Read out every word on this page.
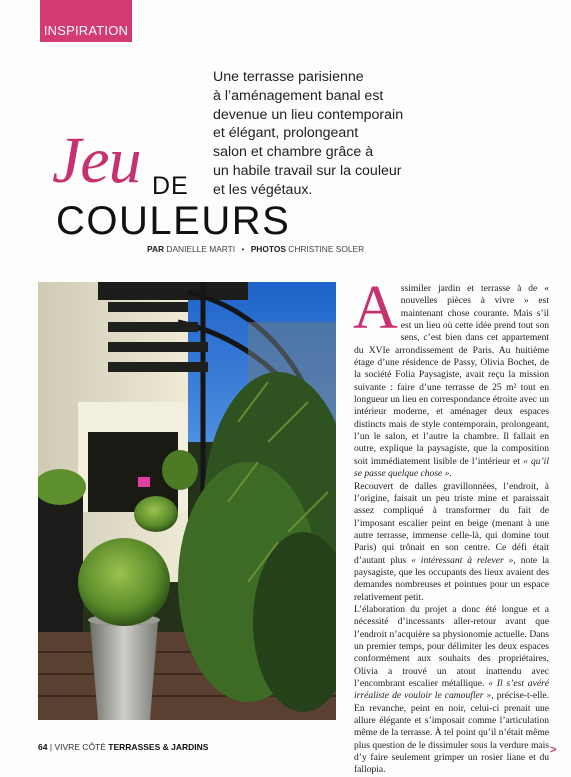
INSPIRATION
Une terrasse parisienne
à l’aménagement banal est
devenue un lieu contemporain
et élégant, prolongeant
salon et chambre grâce à
un habile travail sur la couleur
et les végétaux.
Jeu DE
COULEURS
PAR DANIELLE MARTI • PHOTOS CHRISTINE SOLER

Assimiler jardin et terrasse à de « nouvelles pièces à vivre » est maintenant chose courante. Mais s’il est un lieu où cette idée prend tout son sens, c’est bien dans cet appartement du XVIe arrondissement de Paris. Au huitième étage d’une résidence de Passy, Olivia Bochet, de la société Folia Paysagiste, avait reçu la mission suivante : faire d’une terrasse de 25 m² tout en longueur un lieu en correspondance étroite avec un intérieur moderne, et aménager deux espaces distincts mais de style contemporain, prolongeant, l’un le salon, et l’autre la chambre. Il fallait en outre, explique la paysagiste, que la composition soit immédiatement lisible de l’intérieur et « qu’il se passe quelque chose ».

Recouvert de dalles gravillonnées, l’endroit, à l’origine, faisait un peu triste mine et paraissait assez compliqué à transformer du fait de l’imposant escalier peint en beige (menant à une autre terrasse, immense celle-là, qui domine tout Paris) qui trônait en son centre. Ce défi était d’autant plus « intéressant à relever », note la paysagiste, que les occupants des lieux avaient des demandes nombreuses et pointues pour un espace relativement petit.

L’élaboration du projet a donc été longue et a nécessité d’incessants aller-retour avant que l’endroit n’acquière sa physionomie actuelle. Dans un premier temps, pour délimiter les deux espaces conformément aux souhaits des propriétaires, Olivia a trouvé un atout inattendu avec l’encombrant escalier métallique. « Il s’est avéré irréaliste de vouloir le camoufler », précise-t-elle. En revanche, peint en noir, celui-ci prenait une allure élégante et s’imposait comme l’articulation même de la terrasse. À tel point qu’il n’était même plus question de le dissimuler sous la verdure mais d’y faire seulement grimper un rosier liane et du fallopia.

64 | VIVRE CÔTÉ TERRASSES & JARDINS	>
